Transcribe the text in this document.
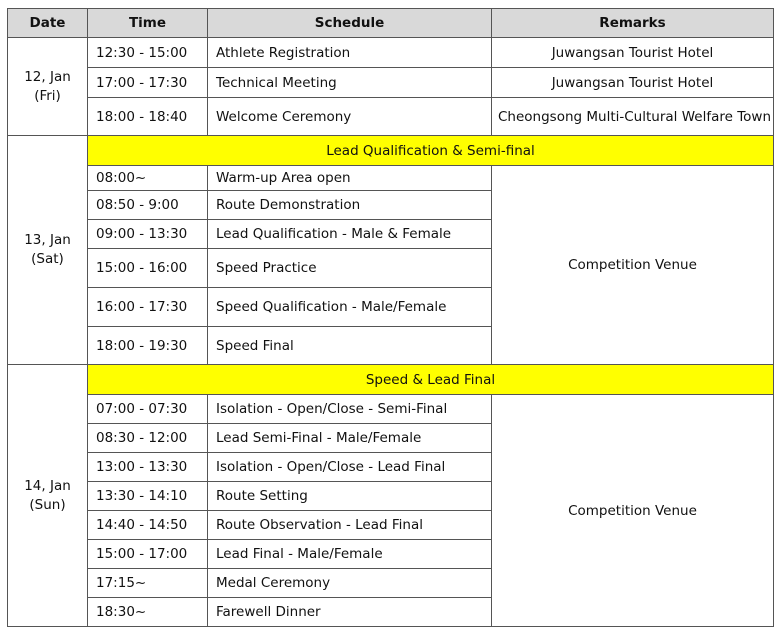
Date	Time	Schedule	Remarks

12, Jan
(Fri)	12:30 - 15:00	Athlete Registration	Juwangsan Tourist Hotel
	17:00 - 17:30	Technical Meeting	Juwangsan Tourist Hotel
	18:00 - 18:40	Welcome Ceremony	Cheongsong Multi-Cultural Welfare Town

13, Jan
(Sat)	Lead Qualification & Semi-final		
	08:00~	Warm-up Area open	Competition Venue
	08:50 - 9:00	Route Demonstration	
	09:00 - 13:30	Lead Qualification - Male & Female	
	15:00 - 16:00	Speed Practice	
	16:00 - 17:30	Speed Qualification - Male/Female	
	18:00 - 19:30	Speed Final	

14, Jan
(Sun)	Speed & Lead Final		
	07:00 - 07:30	Isolation - Open/Close - Semi-Final	Competition Venue
	08:30 - 12:00	Lead Semi-Final - Male/Female	
	13:00 - 13:30	Isolation - Open/Close - Lead Final	
	13:30 - 14:10	Route Setting	
	14:40 - 14:50	Route Observation - Lead Final	
	15:00 - 17:00	Lead Final - Male/Female	
	17:15~	Medal Ceremony	
	18:30~	Farewell Dinner	
